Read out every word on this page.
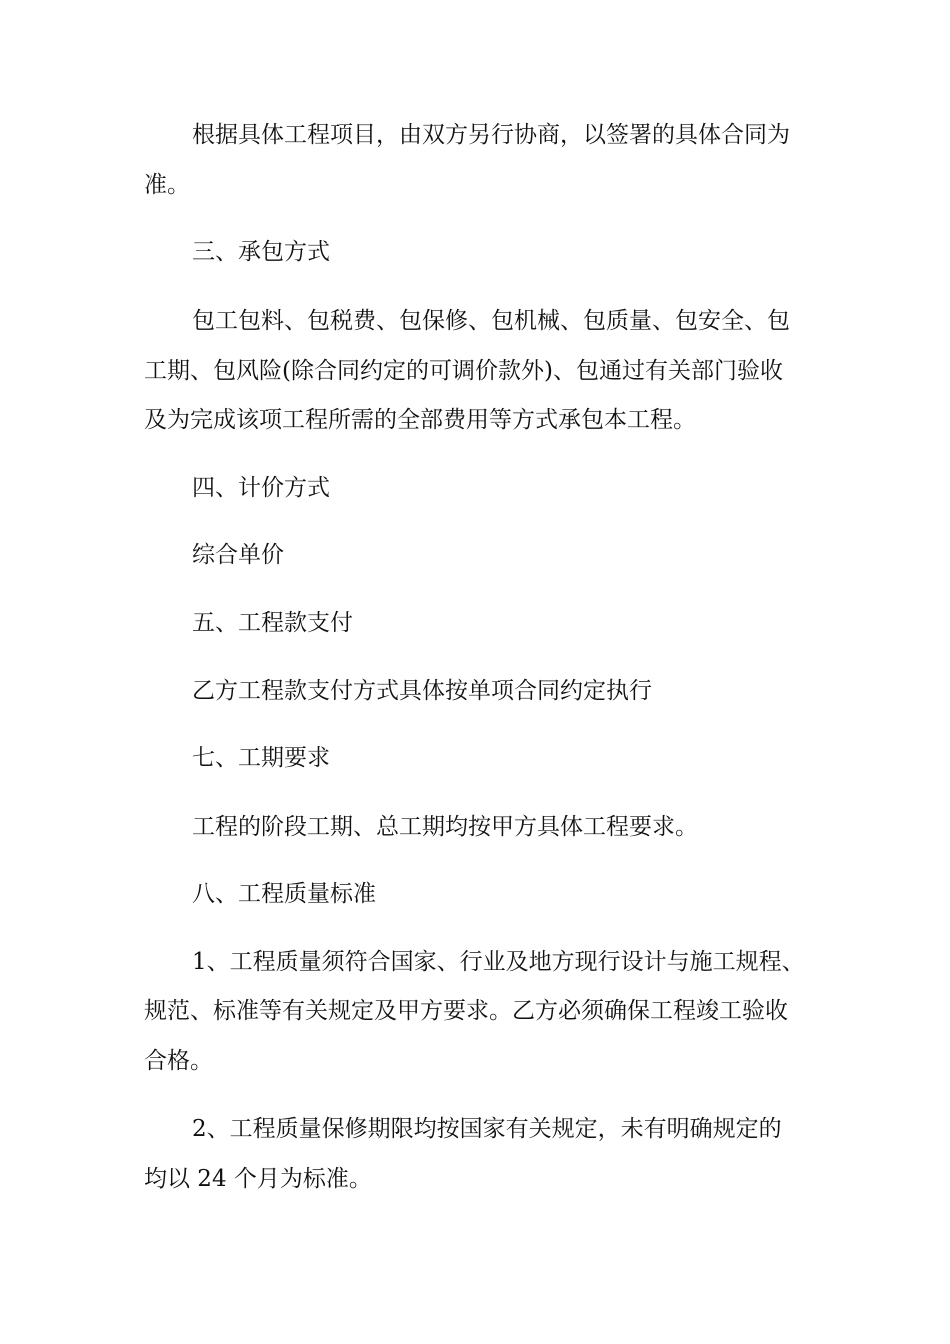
根据具体工程项目，由双方另行协商，以签署的具体合同为
准。
三、承包方式
包工包料、包税费、包保修、包机械、包质量、包安全、包
工期、包风险(除合同约定的可调价款外)、包通过有关部门验收
及为完成该项工程所需的全部费用等方式承包本工程。
四、计价方式
综合单价
五、工程款支付
乙方工程款支付方式具体按单项合同约定执行
七、工期要求
工程的阶段工期、总工期均按甲方具体工程要求。
八、工程质量标准
1、工程质量须符合国家、行业及地方现行设计与施工规程、
规范、标准等有关规定及甲方要求。乙方必须确保工程竣工验收
合格。
2、工程质量保修期限均按国家有关规定，未有明确规定的
均以 24 个月为标准。
